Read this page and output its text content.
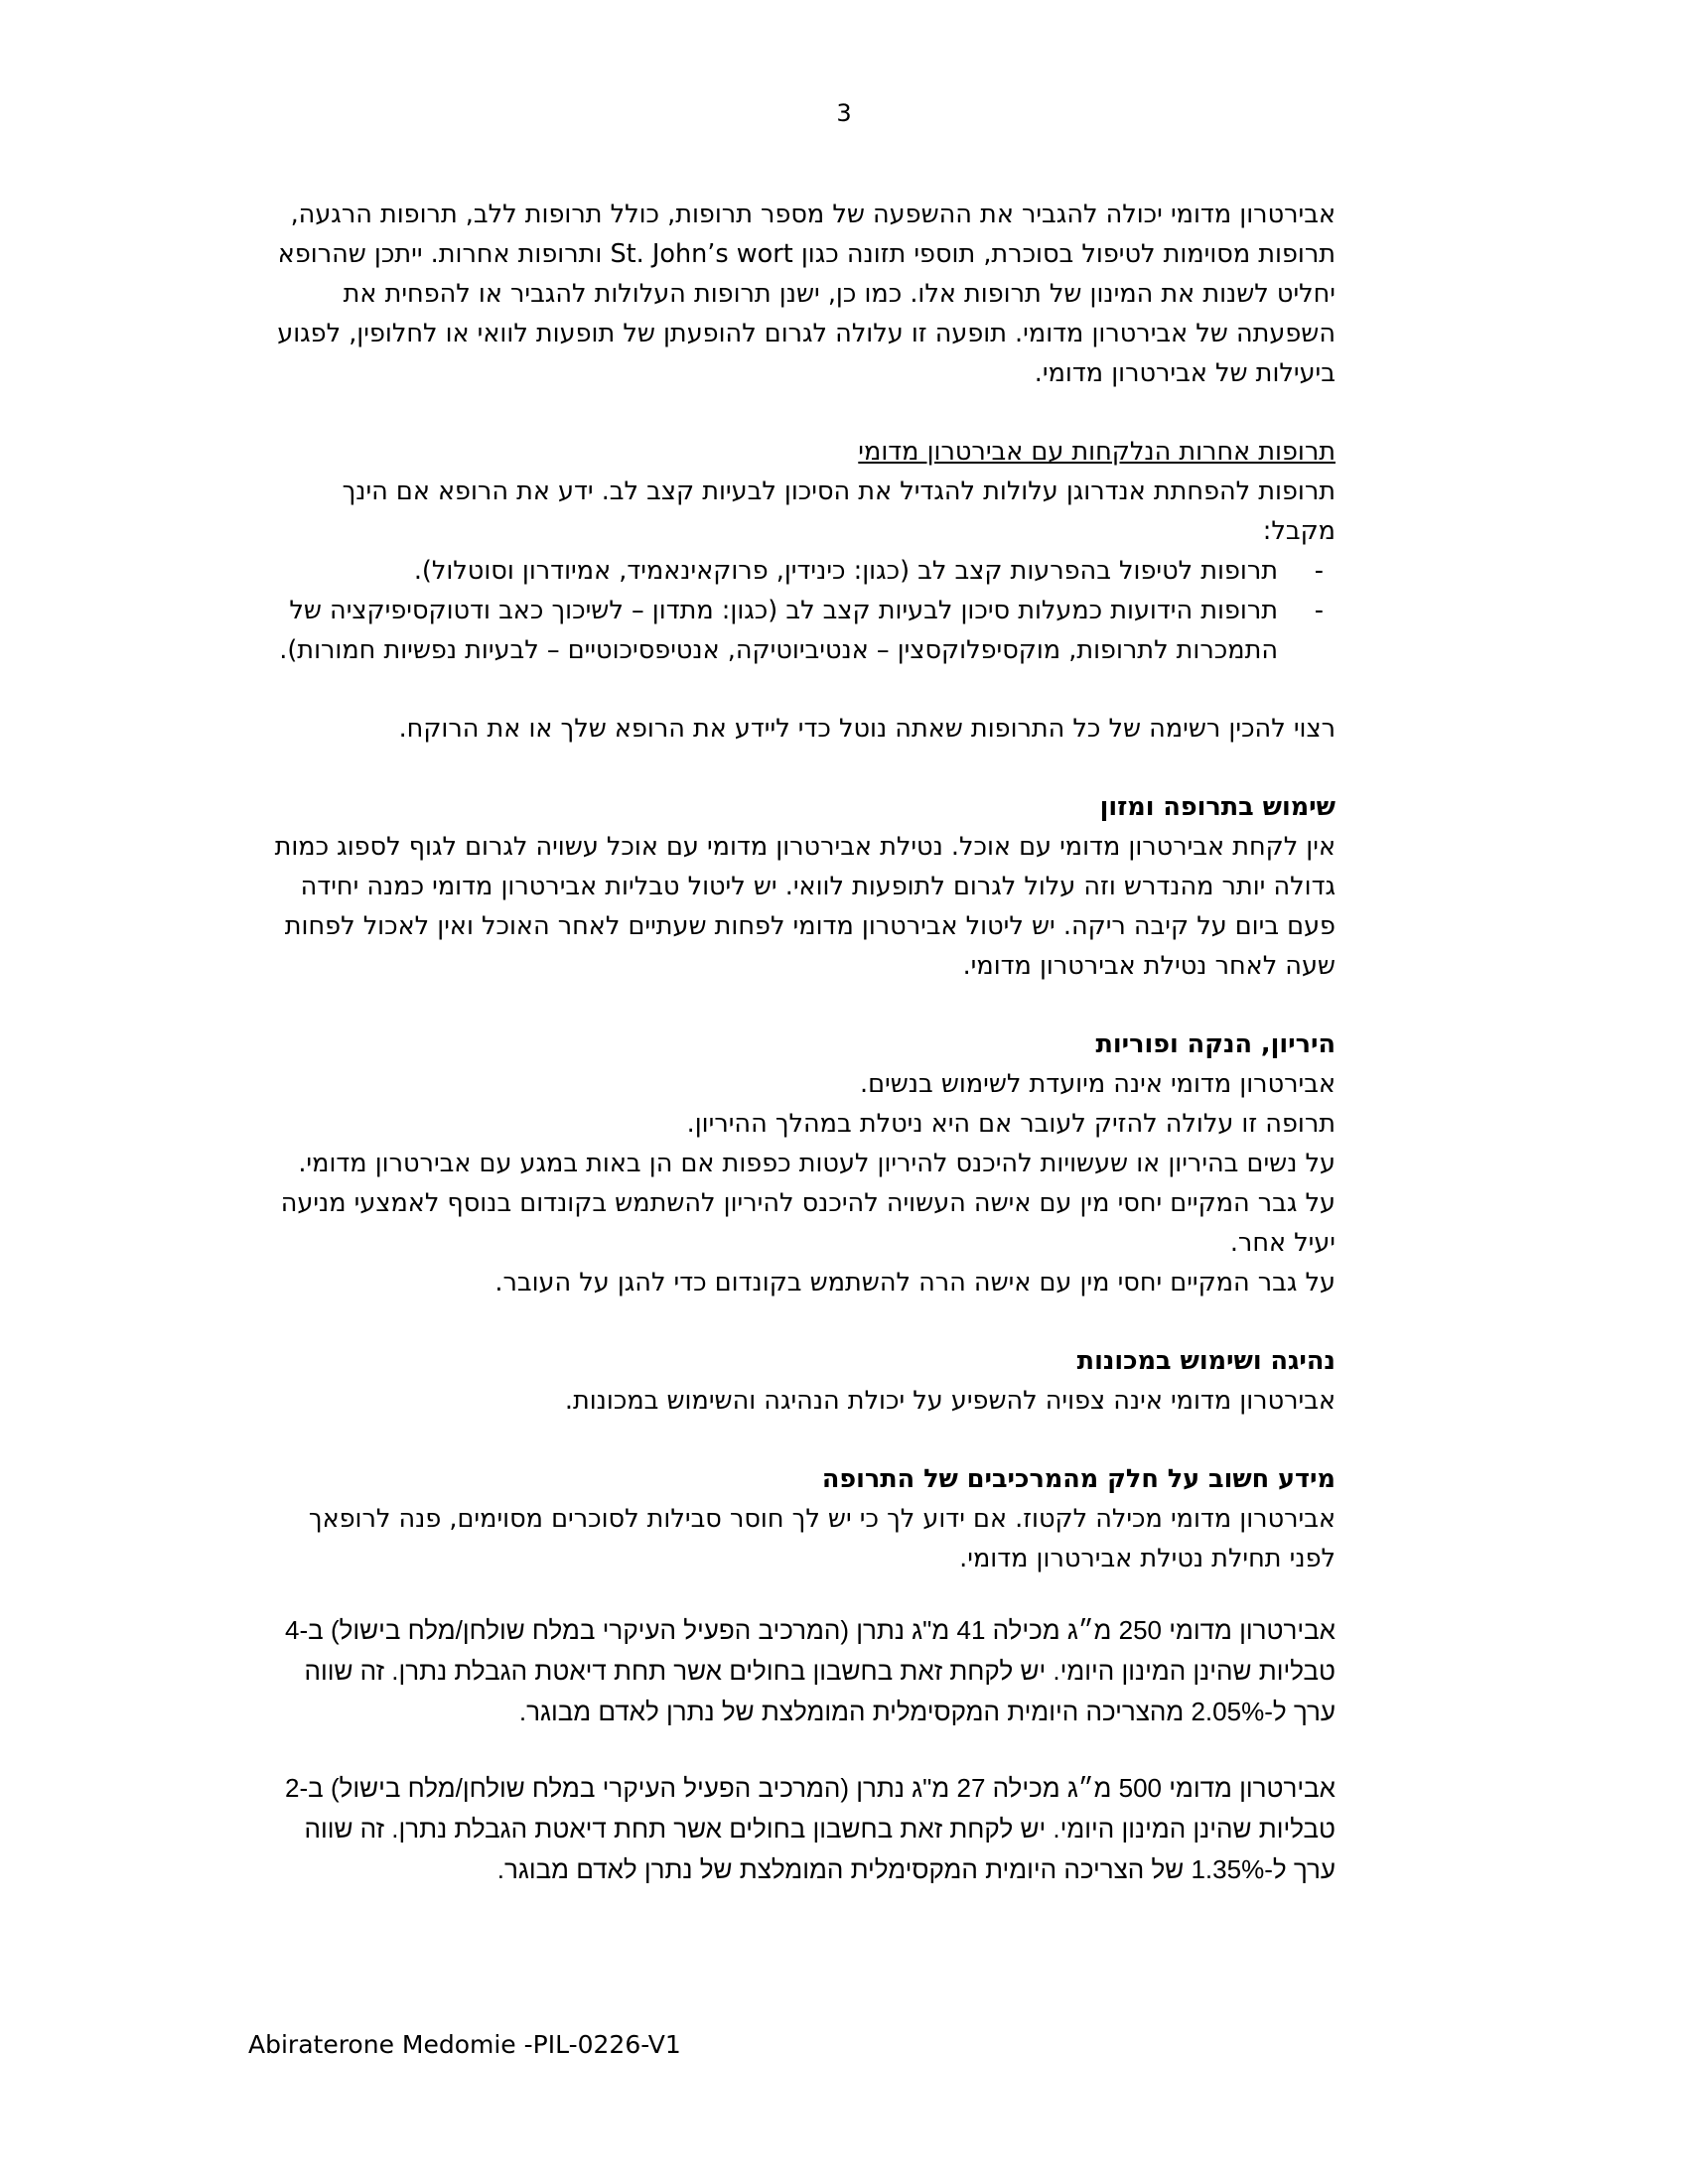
3

אבירטרון מדומי יכולה להגביר את ההשפעה של מספר תרופות, כולל תרופות ללב, תרופות הרגעה, תרופות מסוימות לטיפול בסוכרת, תוספי תזונה כגון St. John’s wort ותרופות אחרות. ייתכן שהרופא יחליט לשנות את המינון של תרופות אלו. כמו כן, ישנן תרופות העלולות להגביר או להפחית את השפעתה של אבירטרון מדומי. תופעה זו עלולה לגרום להופעתן של תופעות לוואי או לחלופין, לפגוע ביעילות של אבירטרון מדומי.

תרופות אחרות הנלקחות עם אבירטרון מדומי

תרופות להפחתת אנדרוגן עלולות להגדיל את הסיכון לבעיות קצב לב. ידע את הרופא אם הינך מקבל:

-
תרופות לטיפול בהפרעות קצב לב (כגון: כינידין, פרוקאינאמיד, אמיודרון וסוטלול).
-
תרופות הידועות כמעלות סיכון לבעיות קצב לב (כגון: מתדון – לשיכוך כאב ודטוקסיפיקציה של התמכרות לתרופות, מוקסיפלוקסצין – אנטיביוטיקה, אנטיפסיכוטיים – לבעיות נפשיות חמורות).

רצוי להכין רשימה של כל התרופות שאתה נוטל כדי ליידע את הרופא שלך או את הרוקח.

שימוש בתרופה ומזון

אין לקחת אבירטרון מדומי עם אוכל. נטילת אבירטרון מדומי עם אוכל עשויה לגרום לגוף לספוג כמות גדולה יותר מהנדרש וזה עלול לגרום לתופעות לוואי. יש ליטול טבליות אבירטרון מדומי כמנה יחידה פעם ביום על קיבה ריקה. יש ליטול אבירטרון מדומי לפחות שעתיים לאחר האוכל ואין לאכול לפחות שעה לאחר נטילת אבירטרון מדומי.

היריון, הנקה ופוריות

אבירטרון מדומי אינה מיועדת לשימוש בנשים.

תרופה זו עלולה להזיק לעובר אם היא ניטלת במהלך ההיריון.

על נשים בהיריון או שעשויות להיכנס להיריון לעטות כפפות אם הן באות במגע עם אבירטרון מדומי.

על גבר המקיים יחסי מין עם אישה העשויה להיכנס להיריון להשתמש בקונדום בנוסף לאמצעי מניעה יעיל אחר.

על גבר המקיים יחסי מין עם אישה הרה להשתמש בקונדום כדי להגן על העובר.

נהיגה ושימוש במכונות

אבירטרון מדומי אינה צפויה להשפיע על יכולת הנהיגה והשימוש במכונות.

מידע חשוב על חלק מהמרכיבים של התרופה

אבירטרון מדומי מכילה לקטוז. אם ידוע לך כי יש לך חוסר סבילות לסוכרים מסוימים, פנה לרופאך לפני תחילת נטילת אבירטרון מדומי.

אבירטרון מדומי 250 מ״ג מכילה 41 מ"ג נתרן (המרכיב הפעיל העיקרי במלח שולחן/מלח בישול) ב-4 טבליות שהינן המינון היומי. יש לקחת זאת בחשבון בחולים אשר תחת דיאטת הגבלת נתרן. זה שווה ערך ל-2.05% מהצריכה היומית המקסימלית המומלצת של נתרן לאדם מבוגר.

אבירטרון מדומי 500 מ״ג מכילה 27 מ"ג נתרן (המרכיב הפעיל העיקרי במלח שולחן/מלח בישול) ב-2 טבליות שהינן המינון היומי. יש לקחת זאת בחשבון בחולים אשר תחת דיאטת הגבלת נתרן. זה שווה ערך ל-1.35% של הצריכה היומית המקסימלית המומלצת של נתרן לאדם מבוגר.

Abiraterone Medomie -PIL-0226-V1
